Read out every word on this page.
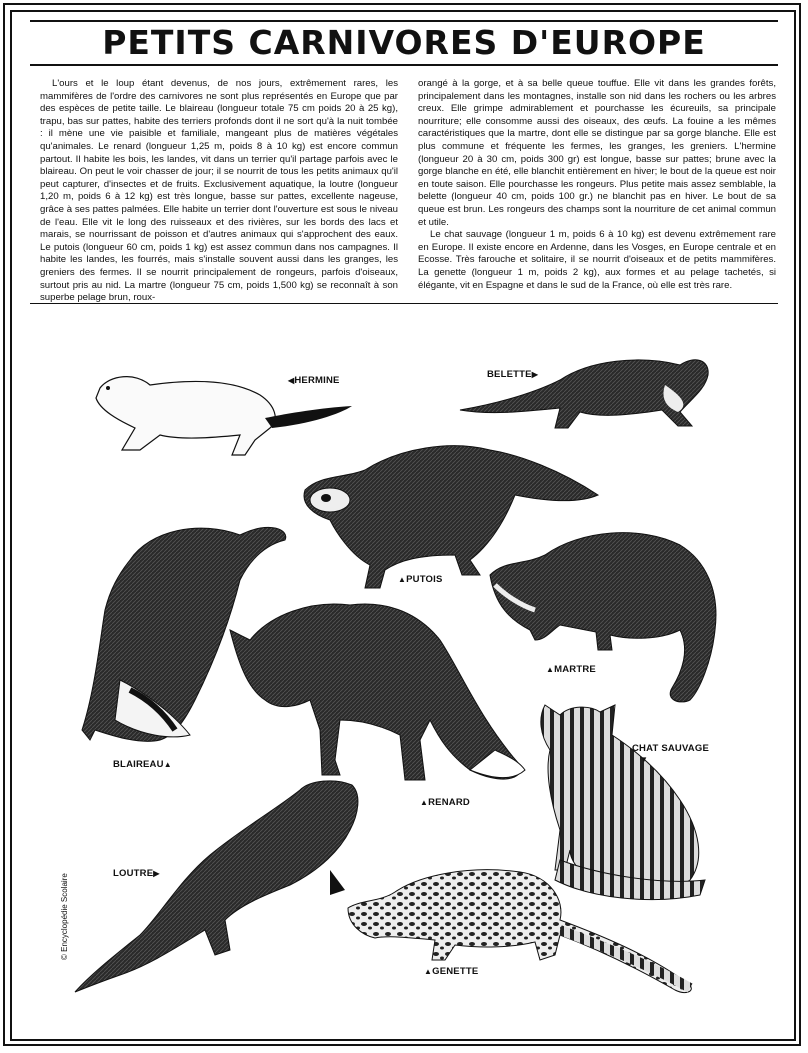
PETITS CARNIVORES D'EUROPE

L'ours et le loup étant devenus, de nos jours, extrêmement rares, les mammifères de l'ordre des carnivores ne sont plus représentés en Europe que par des espèces de petite taille. Le blaireau (longueur totale 75 cm poids 20 à 25 kg), trapu, bas sur pattes, habite des terriers profonds dont il ne sort qu'à la nuit tombée : il mène une vie paisible et familiale, mangeant plus de matières végétales qu'animales. Le renard (longueur 1,25 m, poids 8 à 10 kg) est encore commun partout. Il habite les bois, les landes, vit dans un terrier qu'il partage parfois avec le blaireau. On peut le voir chasser de jour; il se nourrit de tous les petits animaux qu'il peut capturer, d'insectes et de fruits. Exclusivement aquatique, la loutre (longueur 1,20 m, poids 6 à 12 kg) est très longue, basse sur pattes, excellente nageuse, grâce à ses pattes palmées. Elle habite un terrier dont l'ouverture est sous le niveau de l'eau. Elle vit le long des ruisseaux et des rivières, sur les bords des lacs et marais, se nourrissant de poisson et d'autres animaux qui s'approchent des eaux. Le putois (longueur 60 cm, poids 1 kg) est assez commun dans nos campagnes. Il habite les landes, les fourrés, mais s'installe souvent aussi dans les granges, les greniers des fermes. Il se nourrit principalement de rongeurs, parfois d'oiseaux, surtout pris au nid. La martre (longueur 75 cm, poids 1,500 kg) se reconnaît à son superbe pelage brun, roux-

orangé à la gorge, et à sa belle queue touffue. Elle vit dans les grandes forêts, principalement dans les montagnes, installe son nid dans les rochers ou les arbres creux. Elle grimpe admirablement et pourchasse les écureuils, sa principale nourriture; elle consomme aussi des oiseaux, des œufs. La fouine a les mêmes caractéristiques que la martre, dont elle se distingue par sa gorge blanche. Elle est plus commune et fréquente les fermes, les granges, les greniers. L'hermine (longueur 20 à 30 cm, poids 300 gr) est longue, basse sur pattes; brune avec la gorge blanche en été, elle blanchit entièrement en hiver; le bout de la queue est noir en toute saison. Elle pourchasse les rongeurs. Plus petite mais assez semblable, la belette (longueur 40 cm, poids 100 gr.) ne blanchit pas en hiver. Le bout de sa queue est brun. Les rongeurs des champs sont la nourriture de cet animal commun et utile.

Le chat sauvage (longueur 1 m, poids 6 à 10 kg) est devenu extrêmement rare en Europe. Il existe encore en Ardenne, dans les Vosges, en Europe centrale et en Ecosse. Très farouche et solitaire, il se nourrit d'oiseaux et de petits mammifères. La genette (longueur 1 m, poids 2 kg), aux formes et au pelage tachetés, si élégante, vit en Espagne et dans le sud de la France, où elle est très rare.

◀HERMINE
BELETTE▶
▲PUTOIS
▲MARTRE
BLAIREAU▲
▲RENARD
CHAT SAUVAGE
▼
LOUTRE▶
▲GENETTE
© Encyclopédie Scolaire
